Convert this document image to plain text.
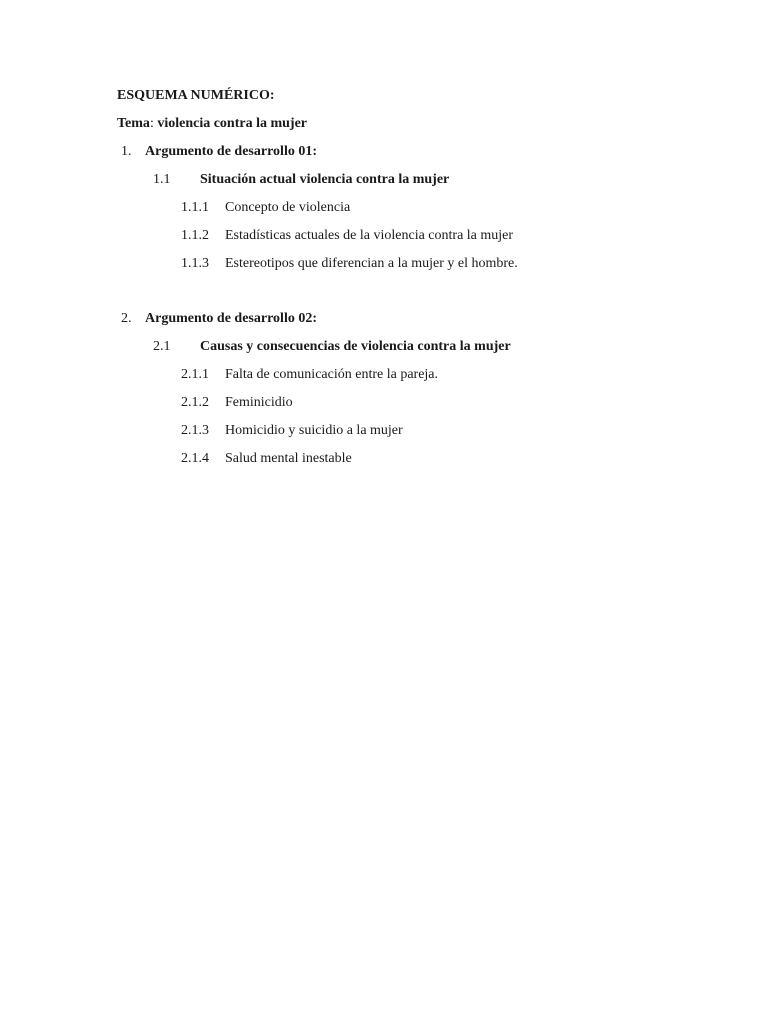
ESQUEMA NUMÉRICO:
Tema: violencia contra la mujer
1. Argumento de desarrollo 01:
1.1 Situación actual violencia contra la mujer
1.1.1 Concepto de violencia
1.1.2 Estadísticas actuales de la violencia contra la mujer
1.1.3 Estereotipos que diferencian a la mujer y el hombre.
2. Argumento de desarrollo 02:
2.1 Causas y consecuencias de violencia contra la mujer
2.1.1 Falta de comunicación entre la pareja.
2.1.2 Feminicidio
2.1.3 Homicidio y suicidio a la mujer
2.1.4 Salud mental inestable
